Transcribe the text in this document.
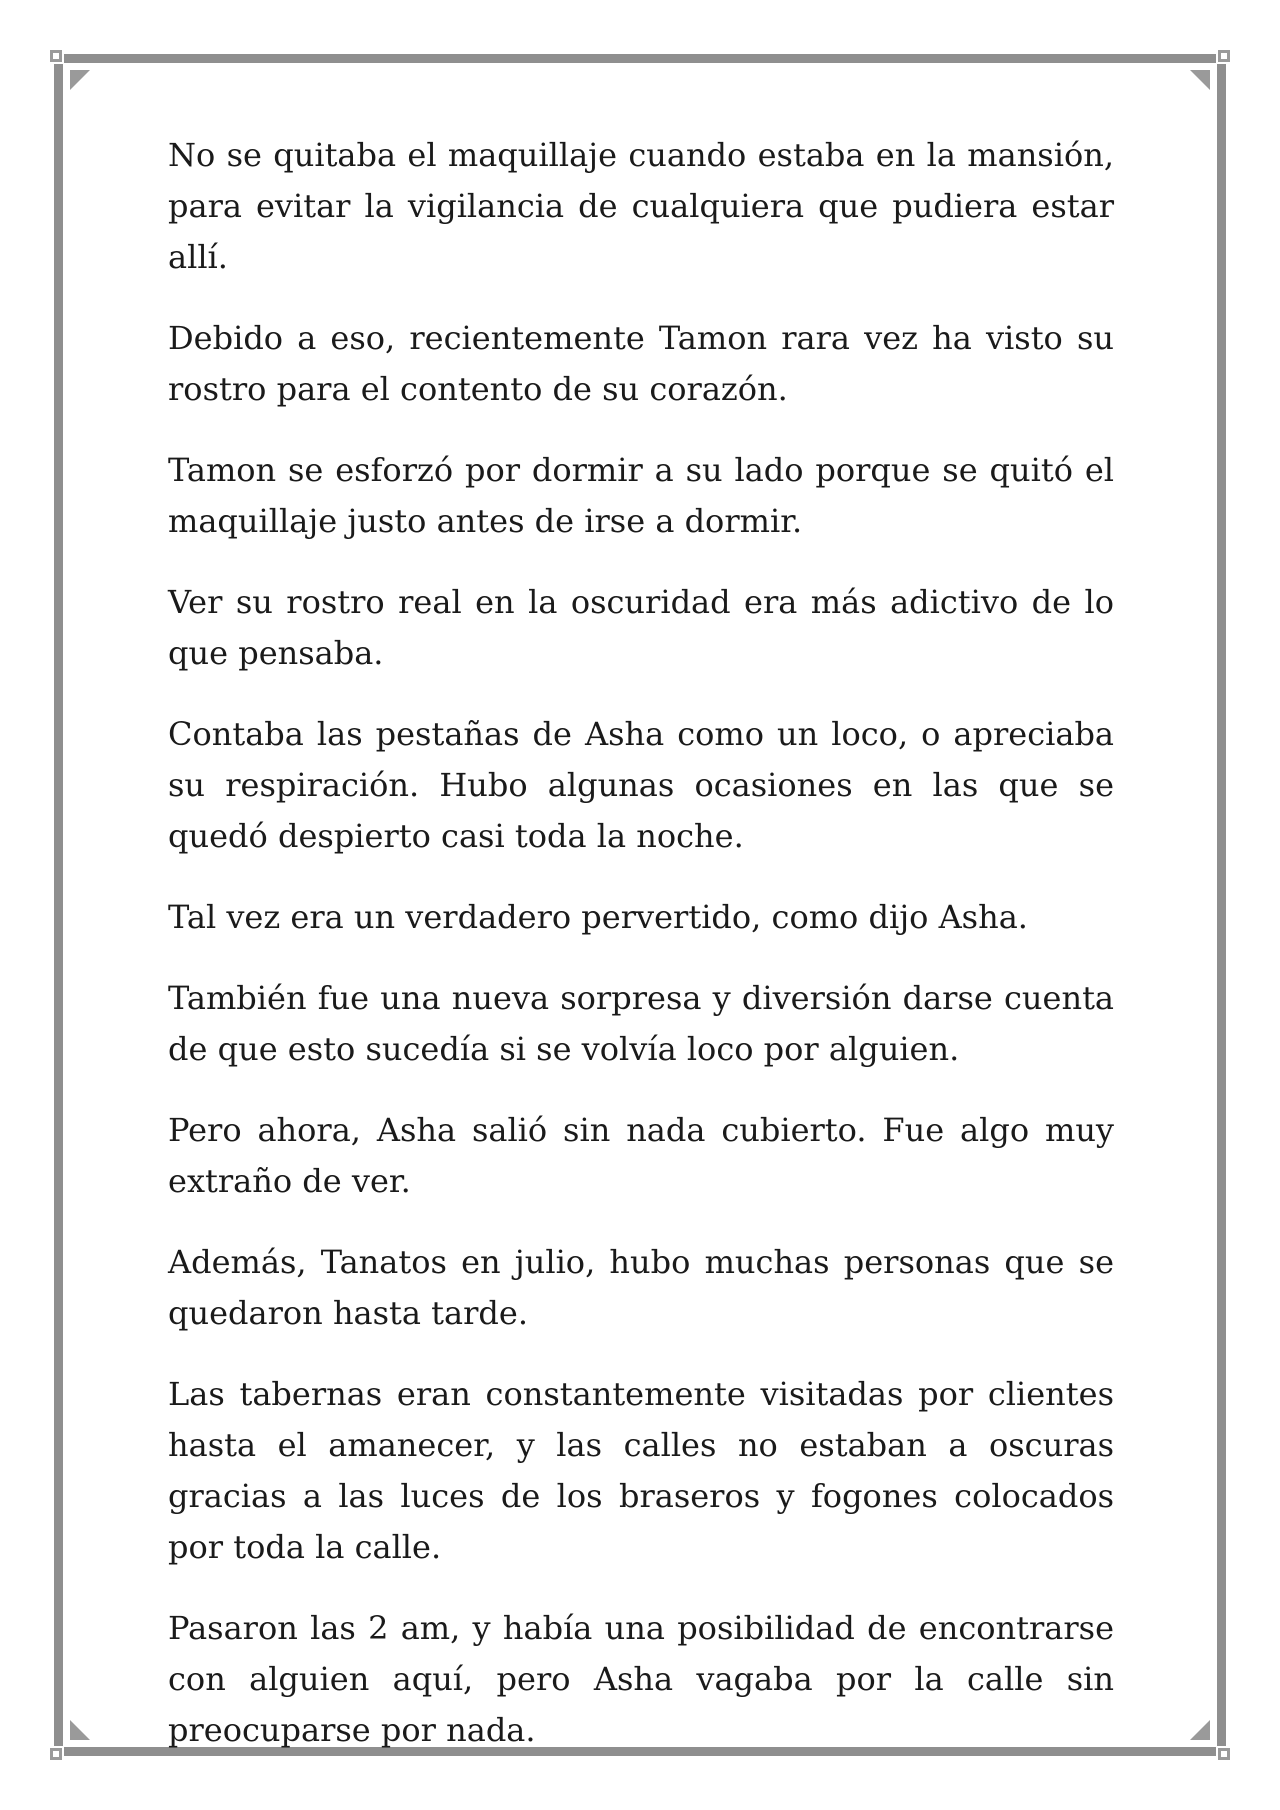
No se quitaba el maquillaje cuando estaba en la mansión, para evitar la vigilancia de cualquiera que pudiera estar allí.

Debido a eso, recientemente Tamon rara vez ha visto su rostro para el contento de su corazón.

Tamon se esforzó por dormir a su lado porque se quitó el maquillaje justo antes de irse a dormir.

Ver su rostro real en la oscuridad era más adictivo de lo que pensaba.

Contaba las pestañas de Asha como un loco, o apreciaba su respiración. Hubo algunas ocasiones en las que se quedó despierto casi toda la noche.

Tal vez era un verdadero pervertido, como dijo Asha.

También fue una nueva sorpresa y diversión darse cuenta de que esto sucedía si se volvía loco por alguien.

Pero ahora, Asha salió sin nada cubierto. Fue algo muy extraño de ver.

Además, Tanatos en julio, hubo muchas personas que se quedaron hasta tarde.

Las tabernas eran constantemente visitadas por clientes hasta el amanecer, y las calles no estaban a oscuras gracias a las luces de los braseros y fogones colocados por toda la calle.

Pasaron las 2 am, y había una posibilidad de encontrarse con alguien aquí, pero Asha vagaba por la calle sin preocuparse por nada.
